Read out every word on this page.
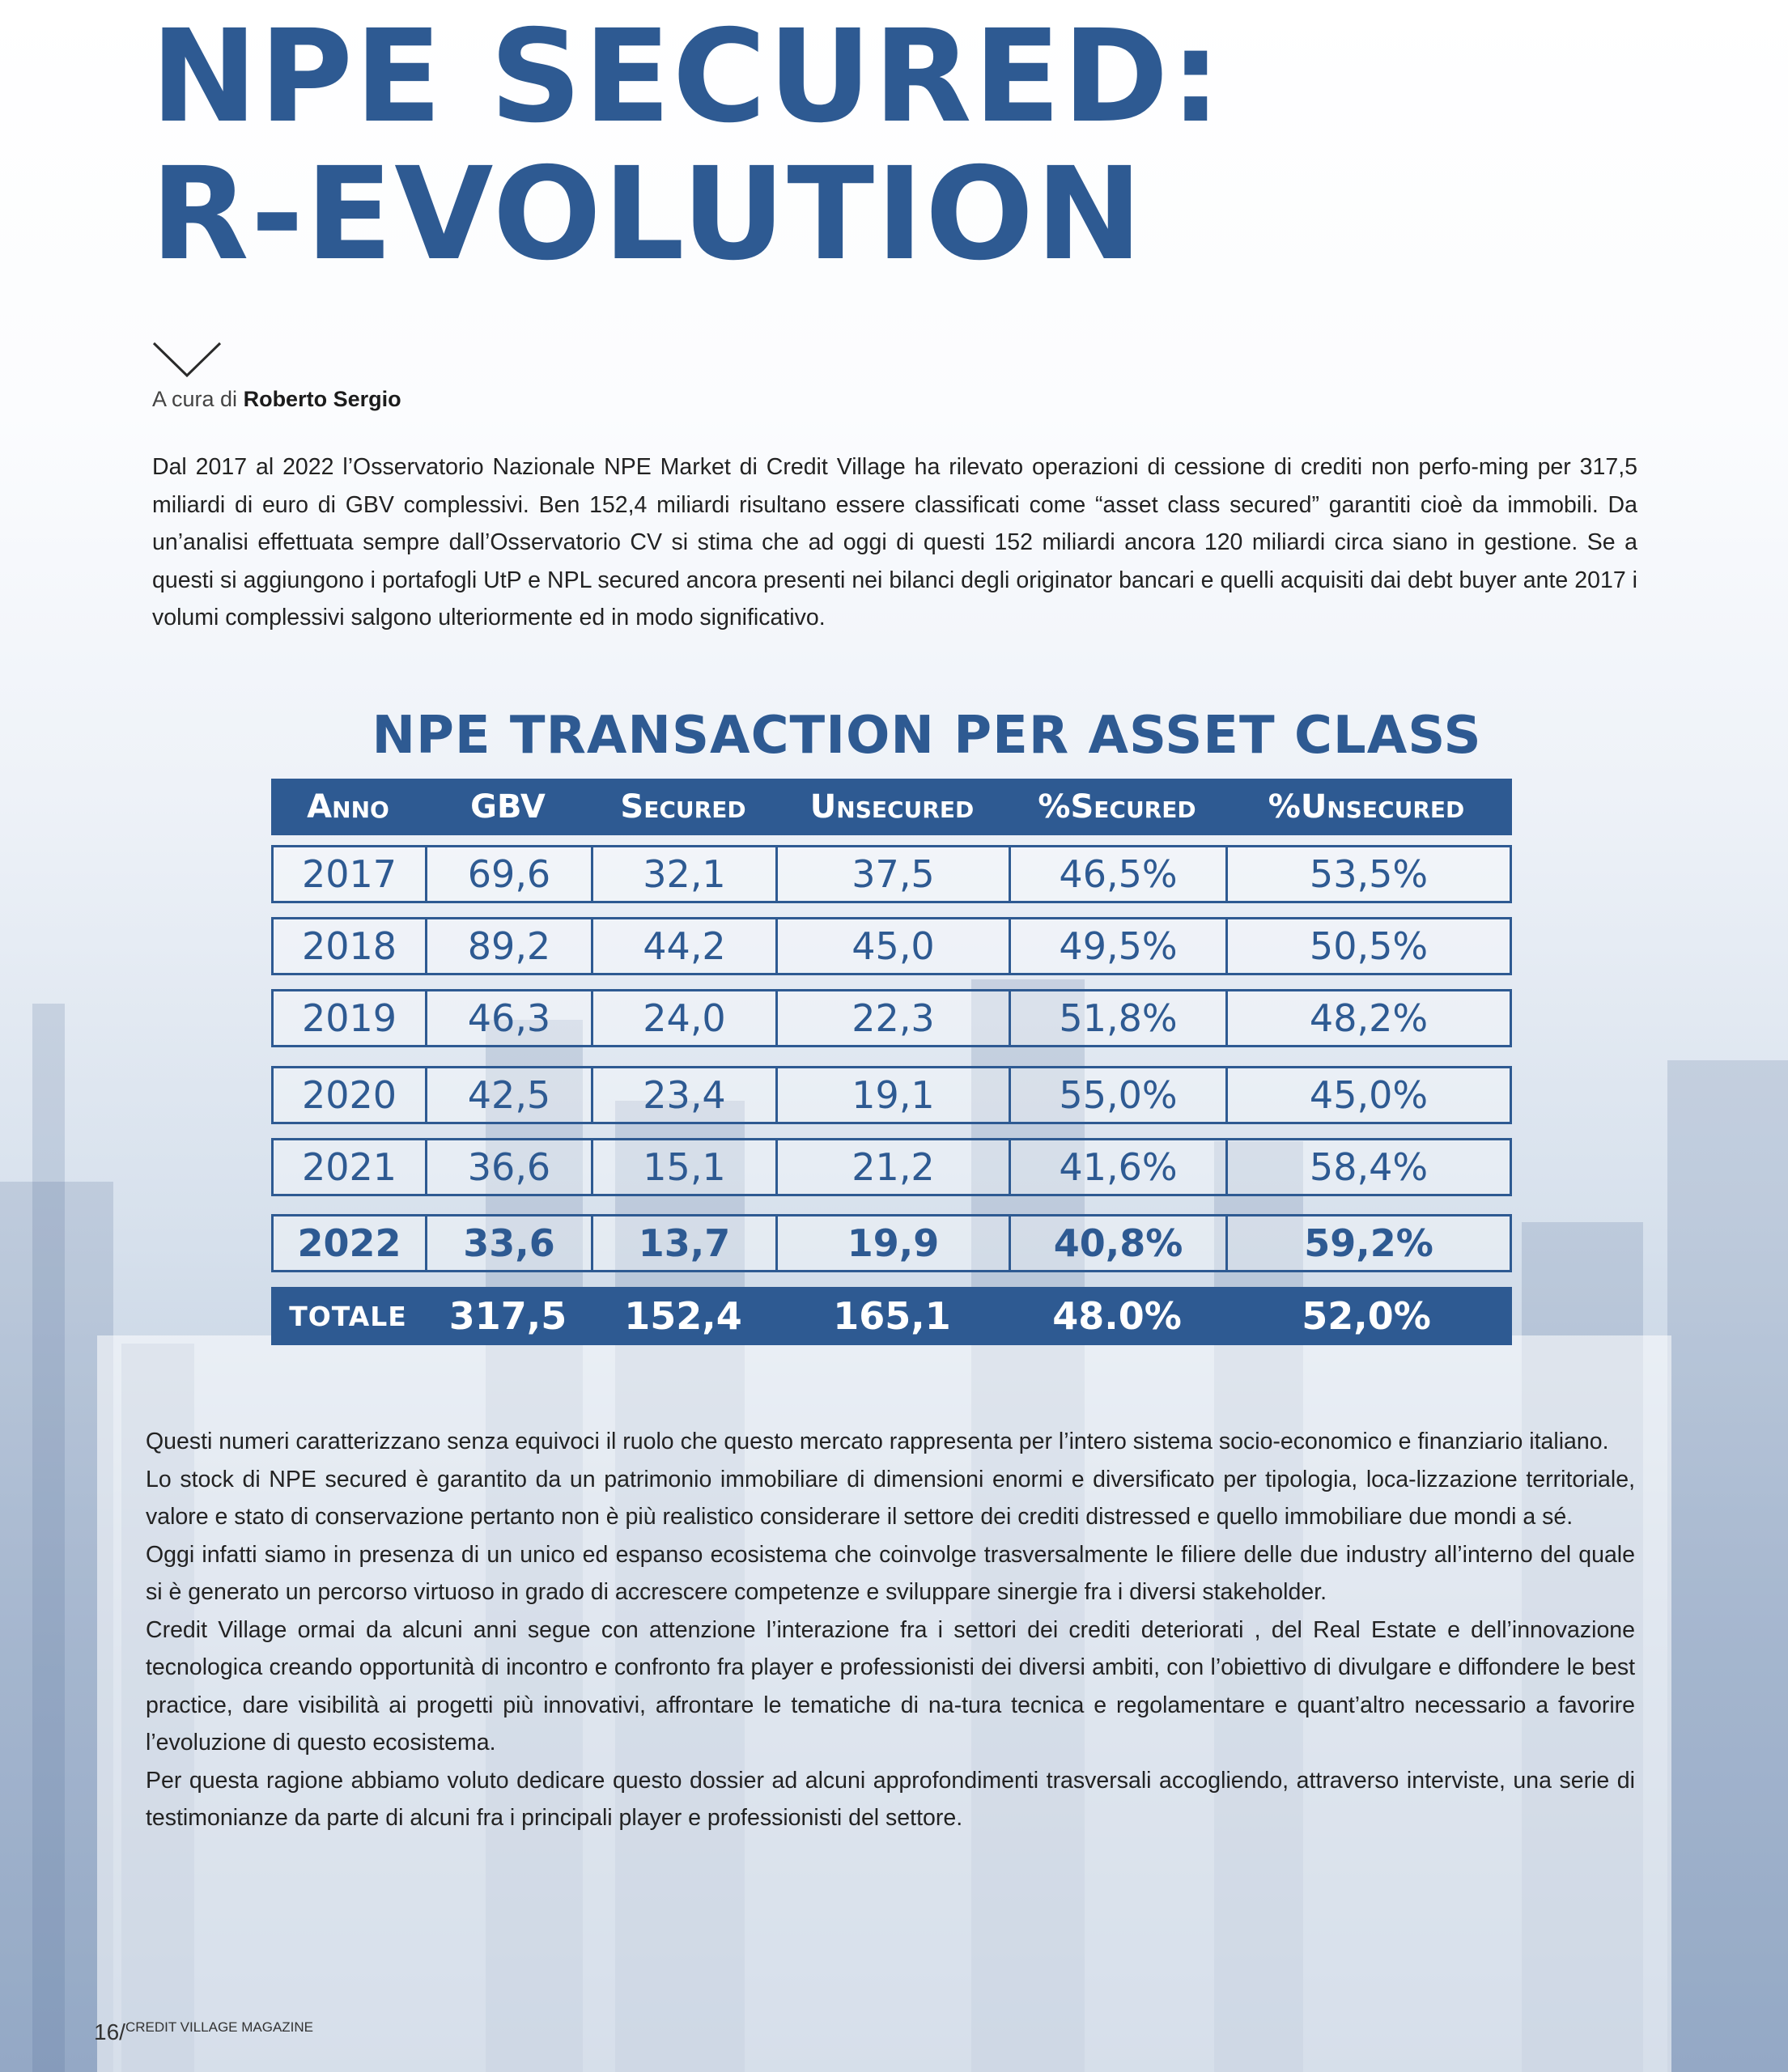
NPE SECURED:
R-EVOLUTION
A cura di Roberto Sergio

Dal 2017 al 2022 l’Osservatorio Nazionale NPE Market di Credit Village ha rilevato operazioni di cessione di crediti non perfo-ming per 317,5 miliardi di euro di GBV complessivi. Ben 152,4 miliardi risultano essere classificati come “asset class secured” garantiti cioè da immobili. Da un’analisi effettuata sempre dall’Osservatorio CV si stima che ad oggi di questi 152 miliardi ancora 120 miliardi circa siano in gestione. Se a questi si aggiungono i portafogli UtP e NPL secured ancora presenti nei bilanci degli originator bancari e quelli acquisiti dai debt buyer ante 2017 i volumi complessivi salgono ulteriormente ed in modo significativo.

NPE TRANSACTION PER ASSET CLASS
Anno	GBV	Secured	Unsecured	%Secured	%Unsecured
2017	69,6	32,1	37,5	46,5%	53,5%
2018	89,2	44,2	45,0	49,5%	50,5%
2019	46,3	24,0	22,3	51,8%	48,2%
2020	42,5	23,4	19,1	55,0%	45,0%
2021	36,6	15,1	21,2	41,6%	58,4%
2022	33,6	13,7	19,9	40,8%	59,2%
TOTALE	317,5	152,4	165,1	48.0%	52,0%

Questi numeri caratterizzano senza equivoci il ruolo che questo mercato rappresenta per l’intero sistema socio-economico e finanziario italiano.

Lo stock di NPE secured è garantito da un patrimonio immobiliare di dimensioni enormi e diversificato per tipologia, loca-lizzazione territoriale, valore e stato di conservazione pertanto non è più realistico considerare il settore dei crediti distressed e quello immobiliare due mondi a sé.

Oggi infatti siamo in presenza di un unico ed espanso ecosistema che coinvolge trasversalmente le filiere delle due industry all’interno del quale si è generato un percorso virtuoso in grado di accrescere competenze e sviluppare sinergie fra i diversi stakeholder.

Credit Village ormai da alcuni anni segue con attenzione l’interazione fra i settori dei crediti deteriorati , del Real Estate e dell’innovazione tecnologica creando opportunità di incontro e confronto fra player e professionisti dei diversi ambiti, con l’obiettivo di divulgare e diffondere le best practice, dare visibilità ai progetti più innovativi, affrontare le tematiche di na-tura tecnica e regolamentare e quant’altro necessario a favorire l’evoluzione di questo ecosistema.

Per questa ragione abbiamo voluto dedicare questo dossier ad alcuni approfondimenti trasversali accogliendo, attraverso interviste, una serie di testimonianze da parte di alcuni fra i principali player e professionisti del settore.

16/CREDIT VILLAGE MAGAZINE
